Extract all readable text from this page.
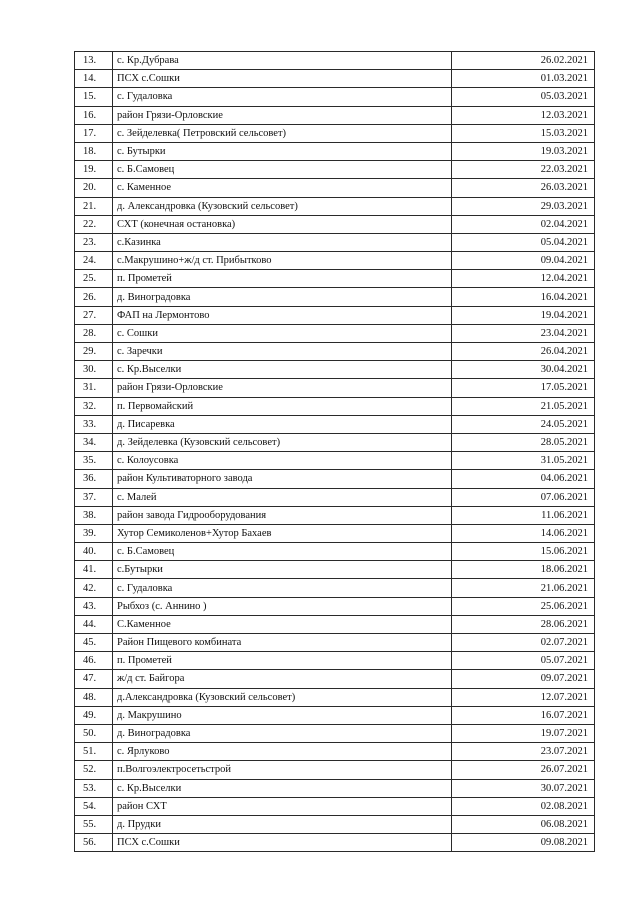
13.	с. Кр.Дубрава	26.02.2021
14.	ПСХ с.Сошки	01.03.2021
15.	с. Гудаловка	05.03.2021
16.	район Грязи-Орловские	12.03.2021
17.	с. Зейделевка( Петровский сельсовет)	15.03.2021
18.	с. Бутырки	19.03.2021
19.	с. Б.Самовец	22.03.2021
20.	с. Каменное	26.03.2021
21.	д. Александровка (Кузовский сельсовет)	29.03.2021
22.	СХТ (конечная остановка)	02.04.2021
23.	с.Казинка	05.04.2021
24.	с.Макрушино+ж/д ст. Прибытково	09.04.2021
25.	п. Прометей	12.04.2021
26.	д. Виноградовка	16.04.2021
27.	ФАП на Лермонтово	19.04.2021
28.	с. Сошки	23.04.2021
29.	с. Заречки	26.04.2021
30.	с. Кр.Выселки	30.04.2021
31.	район Грязи-Орловские	17.05.2021
32.	п. Первомайский	21.05.2021
33.	д. Писаревка	24.05.2021
34.	д. Зейделевка (Кузовский сельсовет)	28.05.2021
35.	с. Колоусовка	31.05.2021
36.	район Культиваторного завода	04.06.2021
37.	с. Малей	07.06.2021
38.	район завода Гидрооборудования	11.06.2021
39.	Хутор Семиколенов+Хутор Бахаев	14.06.2021
40.	с. Б.Самовец	15.06.2021
41.	с.Бутырки	18.06.2021
42.	с. Гудаловка	21.06.2021
43.	Рыбхоз (с. Аннино )	25.06.2021
44.	С.Каменное	28.06.2021
45.	Район Пищевого комбината	02.07.2021
46.	п. Прометей	05.07.2021
47.	ж/д ст. Байгора	09.07.2021
48.	д.Александровка (Кузовский сельсовет)	12.07.2021
49.	д. Макрушино	16.07.2021
50.	д. Виноградовка	19.07.2021
51.	с. Ярлуково	23.07.2021
52.	п.Волгоэлектросетьстрой	26.07.2021
53.	с. Кр.Выселки	30.07.2021
54.	район СХТ	02.08.2021
55.	д. Прудки	06.08.2021
56.	ПСХ с.Сошки	09.08.2021
